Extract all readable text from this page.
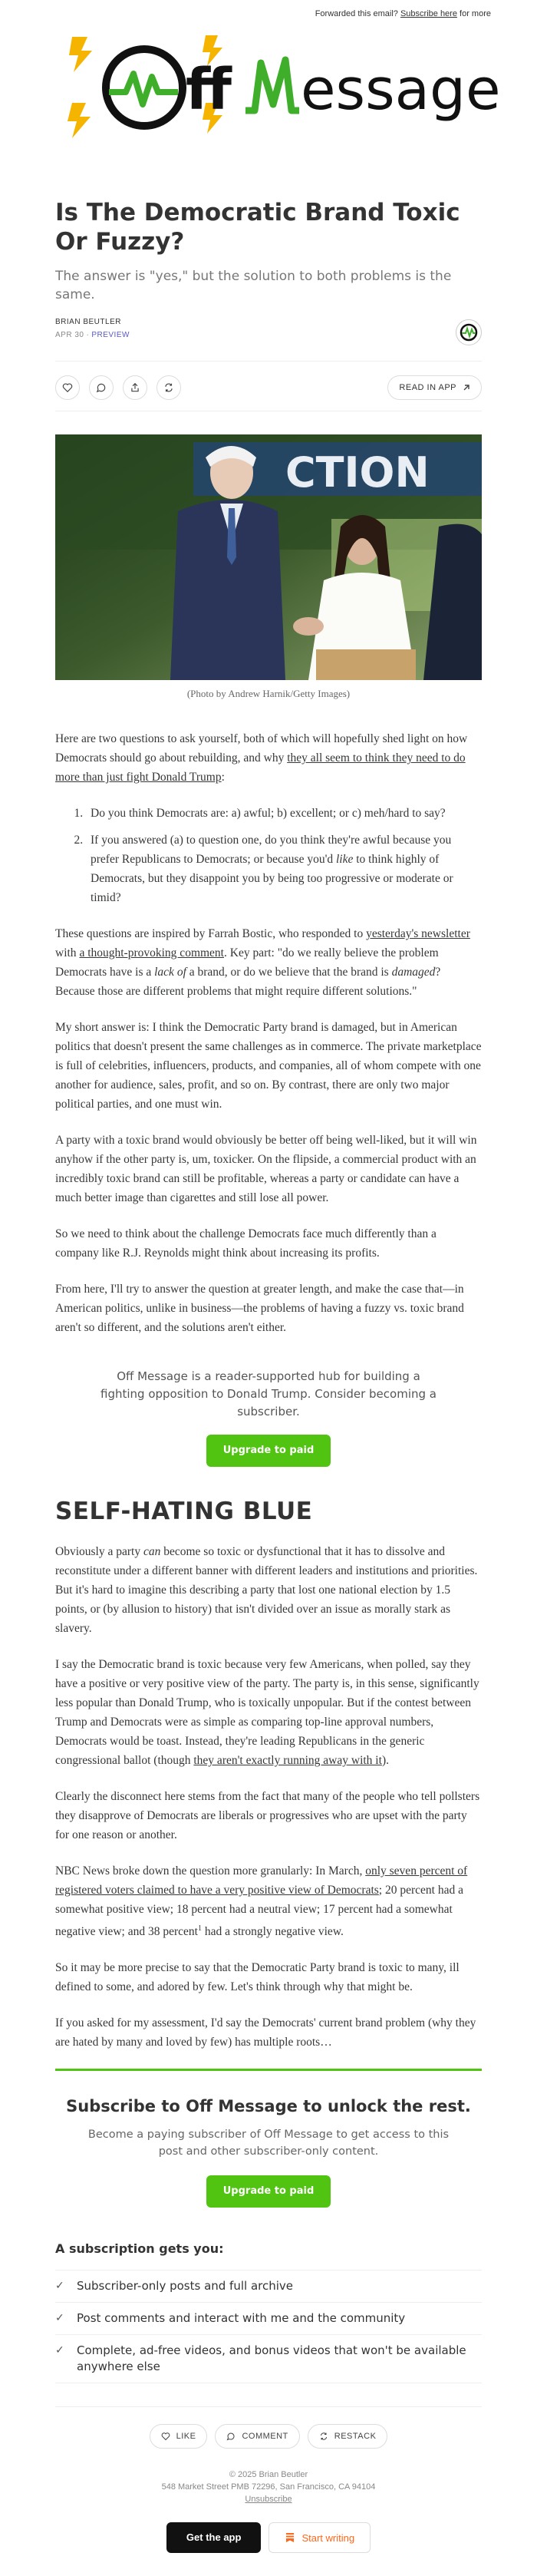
Forwarded this email? Subscribe here for more
ff essage
Is The Democratic Brand Toxic Or Fuzzy?
The answer is "yes," but the solution to both problems is the same.
BRIAN BEUTLER
APR 30 ∙ PREVIEW
READ IN APP
CTION
(Photo by Andrew Harnik/Getty Images)

Here are two questions to ask yourself, both of which will hopefully shed light on how Democrats should go about rebuilding, and why they all seem to think they need to do more than just fight Donald Trump:

1. Do you think Democrats are: a) awful; b) excellent; or c) meh/hard to say?
2. If you answered (a) to question one, do you think they're awful because you prefer Republicans to Democrats; or because you'd like to think highly of Democrats, but they disappoint you by being too progressive or moderate or timid?

These questions are inspired by Farrah Bostic, who responded to yesterday's newsletter with a thought-provoking comment. Key part: "do we really believe the problem Democrats have is a lack of a brand, or do we believe that the brand is damaged? Because those are different problems that might require different solutions."

My short answer is: I think the Democratic Party brand is damaged, but in American politics that doesn't present the same challenges as in commerce. The private marketplace is full of celebrities, influencers, products, and companies, all of whom compete with one another for audience, sales, profit, and so on. By contrast, there are only two major political parties, and one must win.

A party with a toxic brand would obviously be better off being well-liked, but it will win anyhow if the other party is, um, toxicker. On the flipside, a commercial product with an incredibly toxic brand can still be profitable, whereas a party or candidate can have a much better image than cigarettes and still lose all power.

So we need to think about the challenge Democrats face much differently than a company like R.J. Reynolds might think about increasing its profits.

From here, I'll try to answer the question at greater length, and make the case that—in American politics, unlike in business—the problems of having a fuzzy vs. toxic brand aren't so different, and the solutions aren't either.

Off Message is a reader-supported hub for building a fighting opposition to Donald Trump. Consider becoming a subscriber.
Upgrade to paid
SELF-HATING BLUE

Obviously a party can become so toxic or dysfunctional that it has to dissolve and reconstitute under a different banner with different leaders and institutions and priorities. But it's hard to imagine this describing a party that lost one national election by 1.5 points, or (by allusion to history) that isn't divided over an issue as morally stark as slavery.

I say the Democratic brand is toxic because very few Americans, when polled, say they have a positive or very positive view of the party. The party is, in this sense, significantly less popular than Donald Trump, who is toxically unpopular. But if the contest between Trump and Democrats were as simple as comparing top-line approval numbers, Democrats would be toast. Instead, they're leading Republicans in the generic congressional ballot (though they aren't exactly running away with it).

Clearly the disconnect here stems from the fact that many of the people who tell pollsters they disapprove of Democrats are liberals or progressives who are upset with the party for one reason or another.

NBC News broke down the question more granularly: In March, only seven percent of registered voters claimed to have a very positive view of Democrats; 20 percent had a somewhat positive view; 18 percent had a neutral view; 17 percent had a somewhat negative view; and 38 percent$^1$ had a strongly negative view.

So it may be more precise to say that the Democratic Party brand is toxic to many, ill defined to some, and adored by few. Let's think through why that might be.

If you asked for my assessment, I'd say the Democrats' current brand problem (why they are hated by many and loved by few) has multiple roots…

Subscribe to Off Message to unlock the rest.
Become a paying subscriber of Off Message to get access to this post and other subscriber-only content.
Upgrade to paid
A subscription gets you:
✓ Subscriber-only posts and full archive
✓ Post comments and interact with me and the community
✓ Complete, ad-free videos, and bonus videos that won't be available anywhere else
LIKE	COMMENT	RESTACK
© 2025 Brian Beutler
548 Market Street PMB 72296, San Francisco, CA 94104
Unsubscribe
Get the app	Start writing
